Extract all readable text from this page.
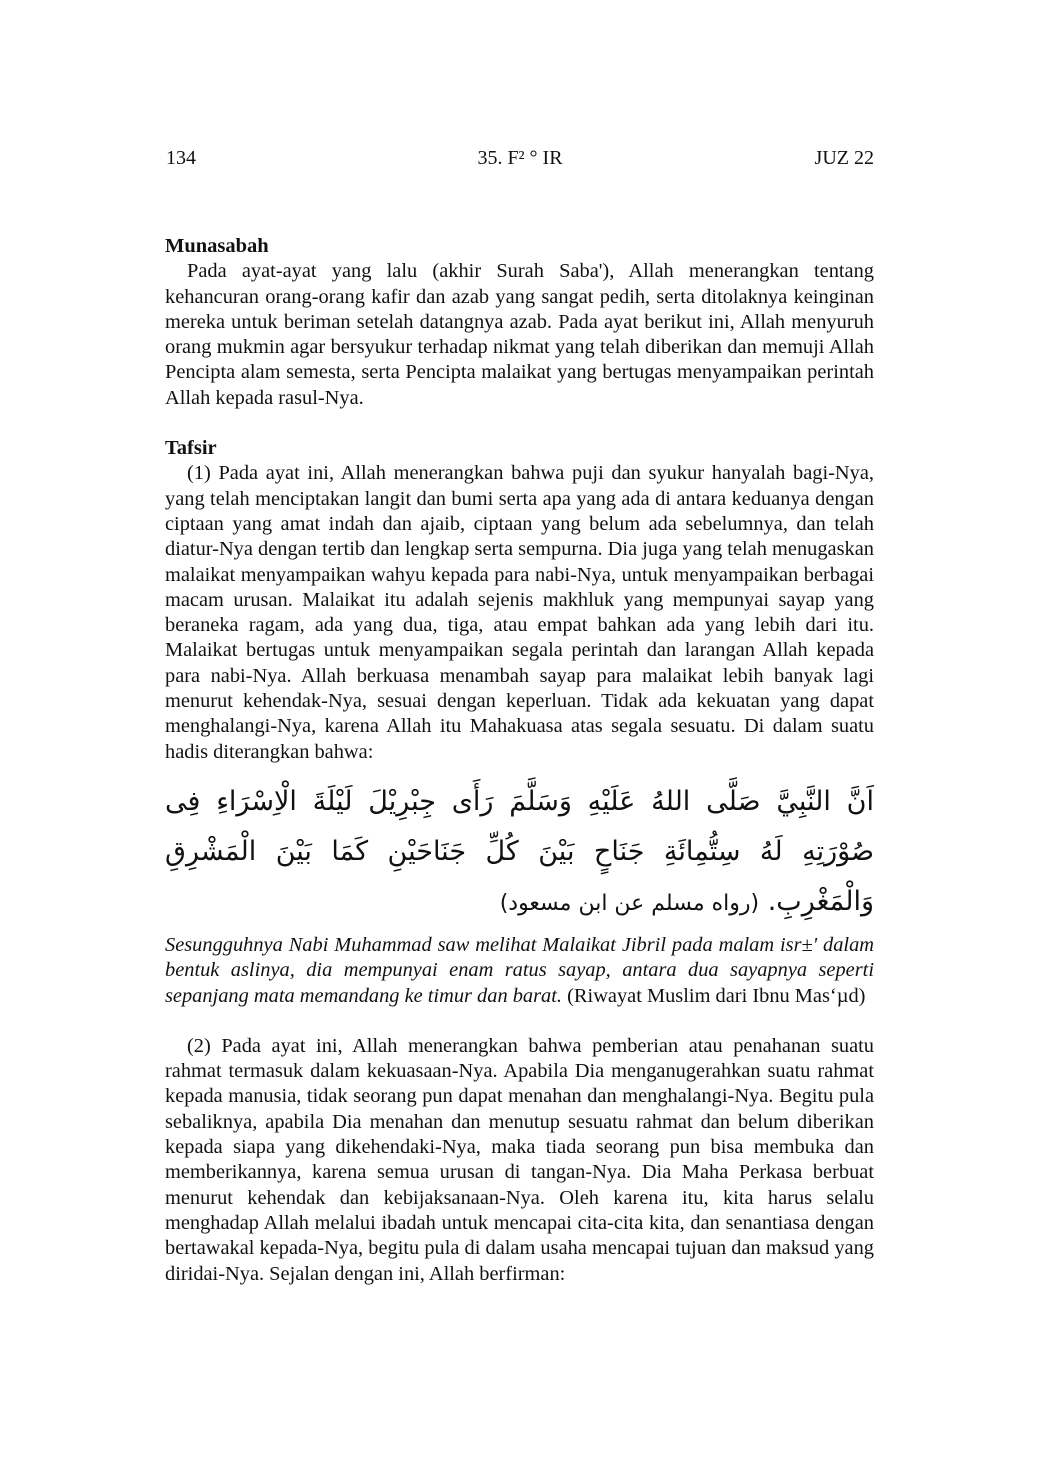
134	35. F² ° IR	JUZ 22
Munasabah

Pada ayat-ayat yang lalu (akhir Surah Saba'), Allah menerangkan tentang kehancuran orang-orang kafir dan azab yang sangat pedih, serta ditolaknya keinginan mereka untuk beriman setelah datangnya azab. Pada ayat berikut ini, Allah menyuruh orang mukmin agar bersyukur terhadap nikmat yang telah diberikan dan memuji Allah Pencipta alam semesta, serta Pencipta malaikat yang bertugas menyampaikan perintah Allah kepada rasul-Nya.

Tafsir

(1) Pada ayat ini, Allah menerangkan bahwa puji dan syukur hanyalah bagi-Nya, yang telah menciptakan langit dan bumi serta apa yang ada di antara keduanya dengan ciptaan yang amat indah dan ajaib, ciptaan yang belum ada sebelumnya, dan telah diatur-Nya dengan tertib dan lengkap serta sempurna. Dia juga yang telah menugaskan malaikat menyampaikan wahyu kepada para nabi-Nya, untuk menyampaikan berbagai macam urusan. Malaikat itu adalah sejenis makhluk yang mempunyai sayap yang beraneka ragam, ada yang dua, tiga, atau empat bahkan ada yang lebih dari itu. Malaikat bertugas untuk menyampaikan segala perintah dan larangan Allah kepada para nabi-Nya. Allah berkuasa menambah sayap para malaikat lebih banyak lagi menurut kehendak-Nya, sesuai dengan keperluan. Tidak ada kekuatan yang dapat menghalangi-Nya, karena Allah itu Mahakuasa atas segala sesuatu. Di dalam suatu hadis diterangkan bahwa:

اَنَّ النَّبِيَّ صَلَّى اللهُ عَلَيْهِ وَسَلَّمَ رَأَى جِبْرِيْلَ لَيْلَةَ الْاِسْرَاءِ فِى صُوْرَتِهِ لَهُ سِتُّمِائَةِ جَنَاحٍ بَيْنَ كُلِّ جَنَاحَيْنِ كَمَا بَيْنَ الْمَشْرِقِ وَالْمَغْرِبِ. (رواه مسلم عن ابن مسعود)

Sesungguhnya Nabi Muhammad saw melihat Malaikat Jibril pada malam isr±' dalam bentuk aslinya, dia mempunyai enam ratus sayap, antara dua sayapnya seperti sepanjang mata memandang ke timur dan barat. (Riwayat Muslim dari Ibnu Mas‘µd)

(2) Pada ayat ini, Allah menerangkan bahwa pemberian atau penahanan suatu rahmat termasuk dalam kekuasaan-Nya. Apabila Dia menganugerahkan suatu rahmat kepada manusia, tidak seorang pun dapat menahan dan menghalangi-Nya. Begitu pula sebaliknya, apabila Dia menahan dan menutup sesuatu rahmat dan belum diberikan kepada siapa yang dikehendaki-Nya, maka tiada seorang pun bisa membuka dan memberikannya, karena semua urusan di tangan-Nya. Dia Maha Perkasa berbuat menurut kehendak dan kebijaksanaan-Nya. Oleh karena itu, kita harus selalu menghadap Allah melalui ibadah untuk mencapai cita-cita kita, dan senantiasa dengan bertawakal kepada-Nya, begitu pula di dalam usaha mencapai tujuan dan maksud yang diridai-Nya. Sejalan dengan ini, Allah berfirman:
